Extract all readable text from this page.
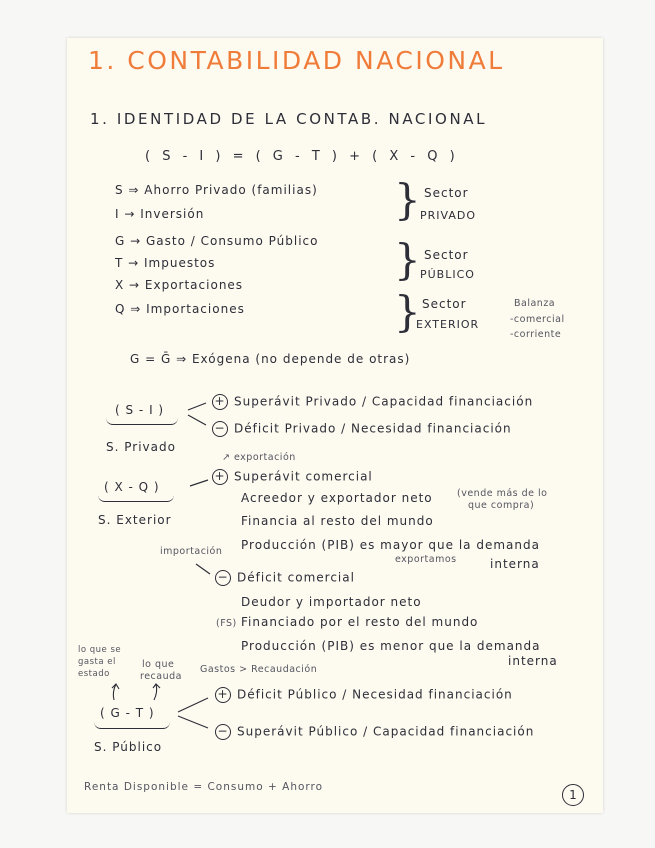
1. CONTABILIDAD NACIONAL
1. IDENTIDAD DE LA CONTAB. NACIONAL
( S - I ) = ( G - T ) + ( X - Q )
S ⇒ Ahorro Privado (familias)
I → Inversión
G → Gasto / Consumo Público
T → Impuestos
X → Exportaciones
Q ⇒ Importaciones
} Sector
PRIVADO
} Sector
PÚBLICO
} Sector
EXTERIOR
Balanza
-comercial
-corriente
G = Ḡ ⇒ Exógena (no depende de otras)
( S - I )
S. Privado
+ Superávit Privado / Capacidad financiación
− Déficit Privado / Necesidad financiación
↗ exportación
( X - Q )
S. Exterior
+ Superávit comercial
Acreedor y exportador neto	(vende más de lo
que compra)
Financia al resto del mundo
Producción (PIB) es mayor que la demanda
exportamos	interna
importación
− Déficit comercial
Deudor y importador neto
(FS) Financiado por el resto del mundo
Producción (PIB) es menor que la demanda
interna
lo que se
gasta el
estado
lo que
recauda
Gastos > Recaudación
( G - T )
S. Público
+ Déficit Público / Necesidad financiación
− Superávit Público / Capacidad financiación
Renta Disponible = Consumo + Ahorro
1
